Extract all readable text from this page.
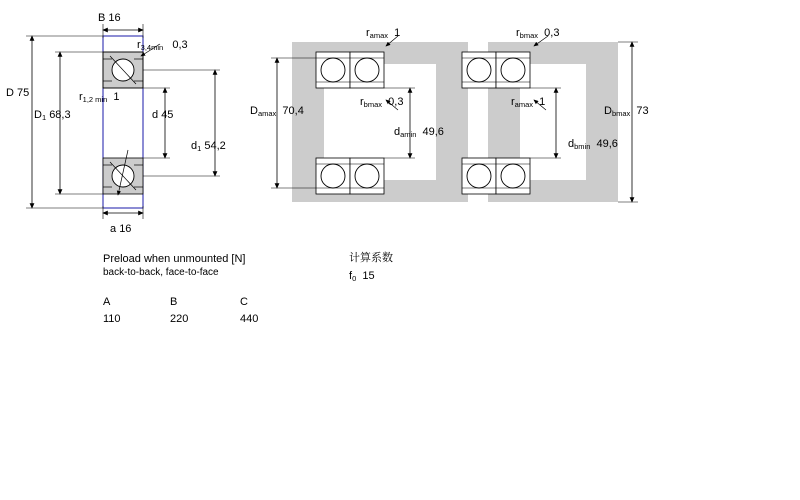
B 16
$r_{3,4min}$ 0,3
$r_{1,2 min}$ 1
D 75
$D_1$ 68,3	d 45
$d_1$ 54,2
a 16
$r_{amax}$ 1	$r_{bmax}$ 0,3
$D_{amax}$ 70,4
$r_{bmax}$ 0,3	$r_{amax}$ 1
$D_{bmax}$ 73
$d_{amin}$ 49,6
$d_{bmin}$ 49,6
Preload when unmounted [N]
back-to-back, face-to-face
A	B	C
110	220	440
计算系数
$f_0$ 15
